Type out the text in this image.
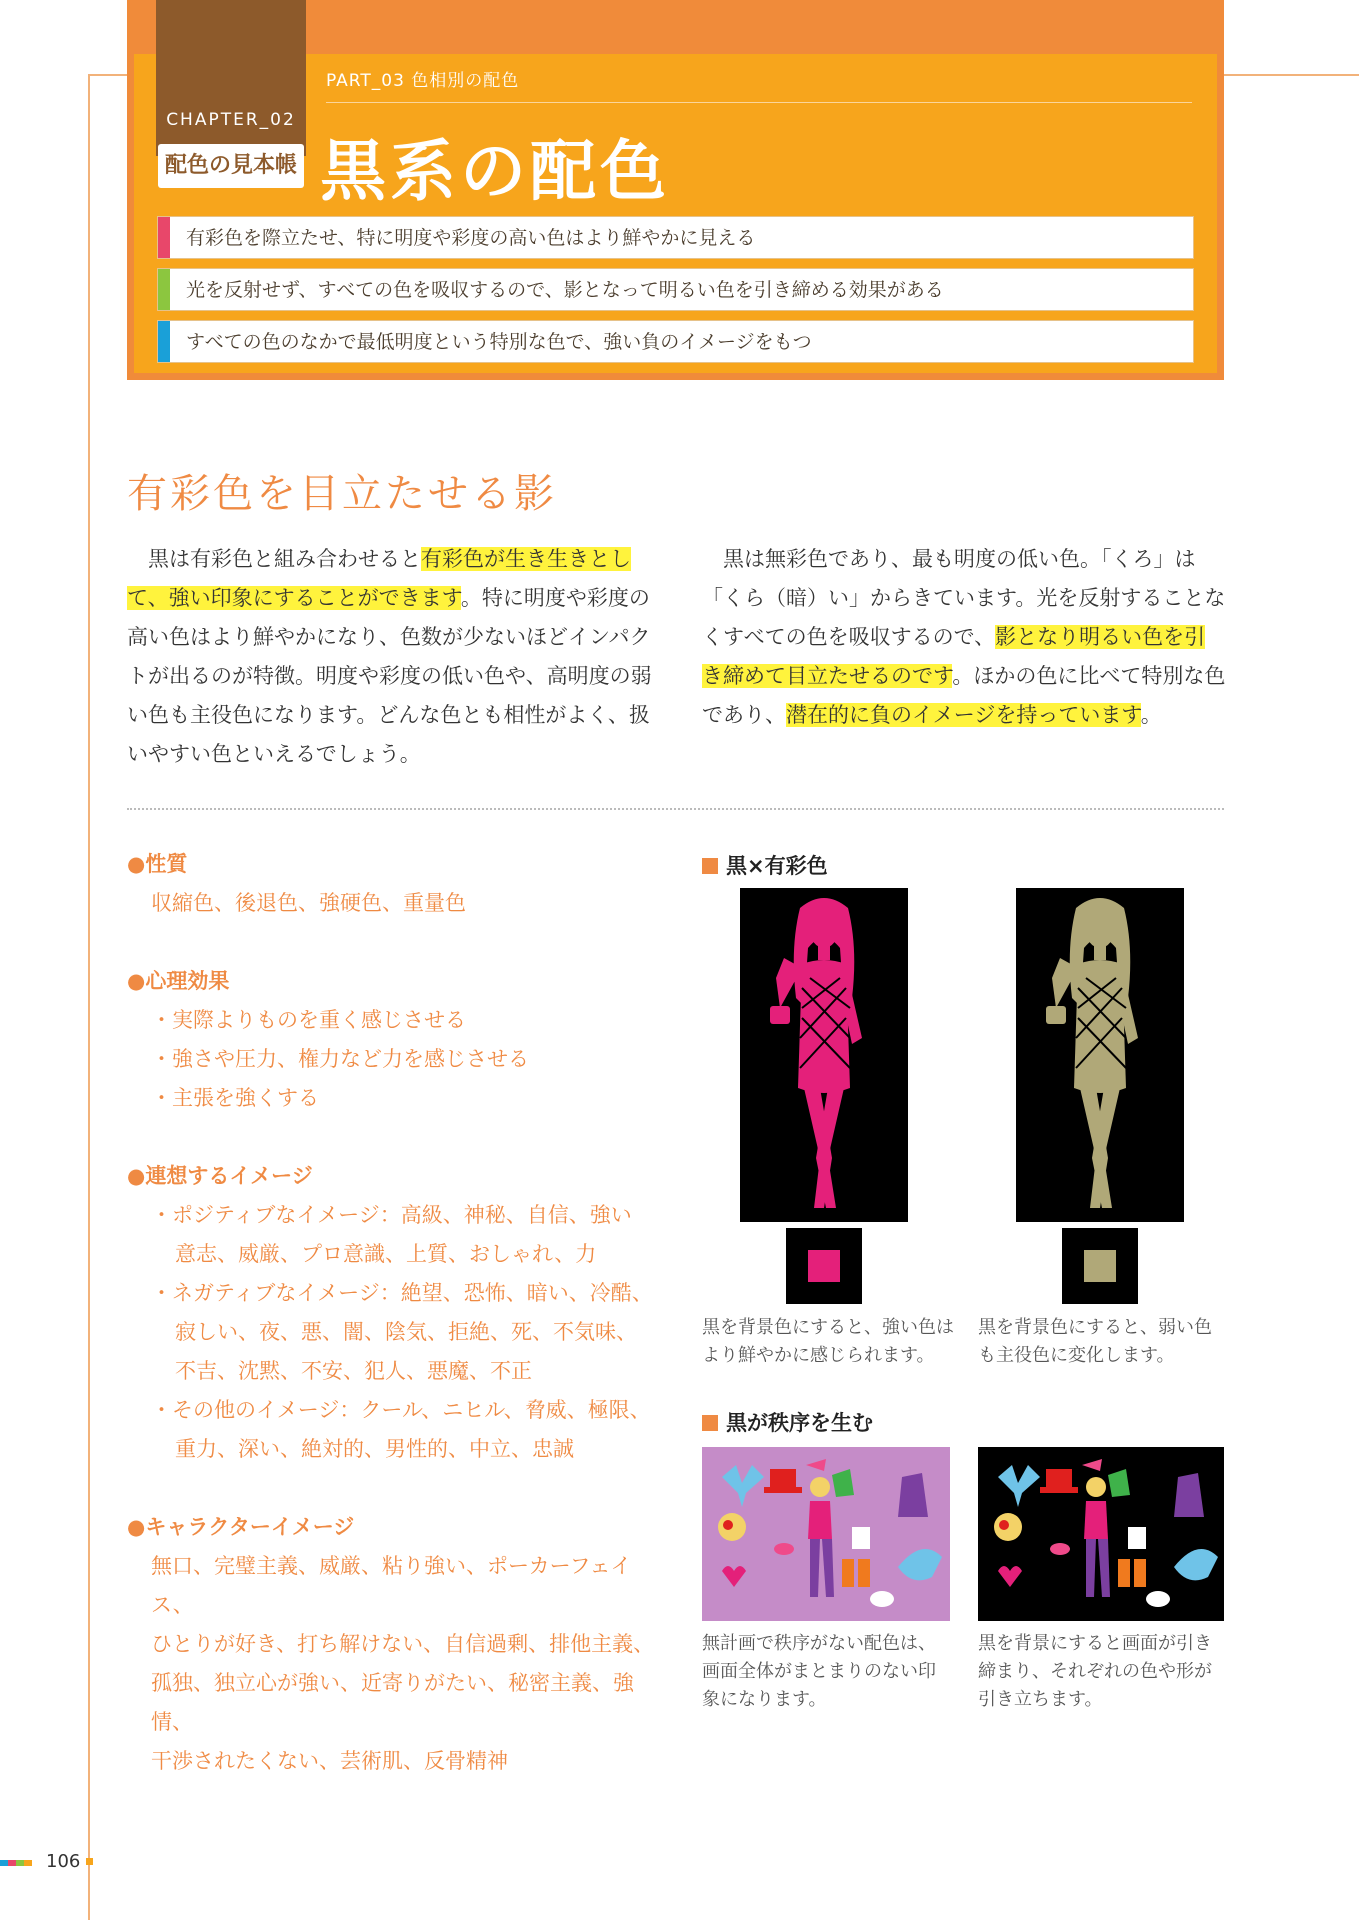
CHAPTER_02
配色の見本帳
PART_03 色相別の配色
黒系の配色
有彩色を際立たせ、特に明度や彩度の高い色はより鮮やかに見える
光を反射せず、すべての色を吸収するので、影となって明るい色を引き締める効果がある
すべての色のなかで最低明度という特別な色で、強い負のイメージをもつ
有彩色を目立たせる影
黒は有彩色と組み合わせると有彩色が生き生きとして、強い印象にすることができます。特に明度や彩度の高い色はより鮮やかになり、色数が少ないほどインパクトが出るのが特徴。明度や彩度の低い色や、高明度の弱い色も主役色になります。どんな色とも相性がよく、扱いやすい色といえるでしょう。
黒は無彩色であり、最も明度の低い色。「くろ」は「くら（暗）い」からきています。光を反射することなくすべての色を吸収するので、影となり明るい色を引き締めて目立たせるのです。ほかの色に比べて特別な色であり、潜在的に負のイメージを持っています。
●性質
収縮色、後退色、強硬色、重量色
●心理効果
・実際よりものを重く感じさせる
・強さや圧力、権力など力を感じさせる
・主張を強くする
●連想するイメージ
・ポジティブなイメージ：高級、神秘、自信、強い
意志、威厳、プロ意識、上質、おしゃれ、力
・ネガティブなイメージ：絶望、恐怖、暗い、冷酷、
寂しい、夜、悪、闇、陰気、拒絶、死、不気味、
不吉、沈黙、不安、犯人、悪魔、不正
・その他のイメージ：クール、ニヒル、脅威、極限、
重力、深い、絶対的、男性的、中立、忠誠
●キャラクターイメージ
無口、完璧主義、威厳、粘り強い、ポーカーフェイス、
ひとりが好き、打ち解けない、自信過剰、排他主義、
孤独、独立心が強い、近寄りがたい、秘密主義、強情、
干渉されたくない、芸術肌、反骨精神
黒×有彩色
黒を背景色にすると、強い色は
より鮮やかに感じられます。
黒を背景色にすると、弱い色
も主役色に変化します。
黒が秩序を生む
無計画で秩序がない配色は、
画面全体がまとまりのない印
象になります。
黒を背景にすると画面が引き
締まり、それぞれの色や形が
引き立ちます。
106
